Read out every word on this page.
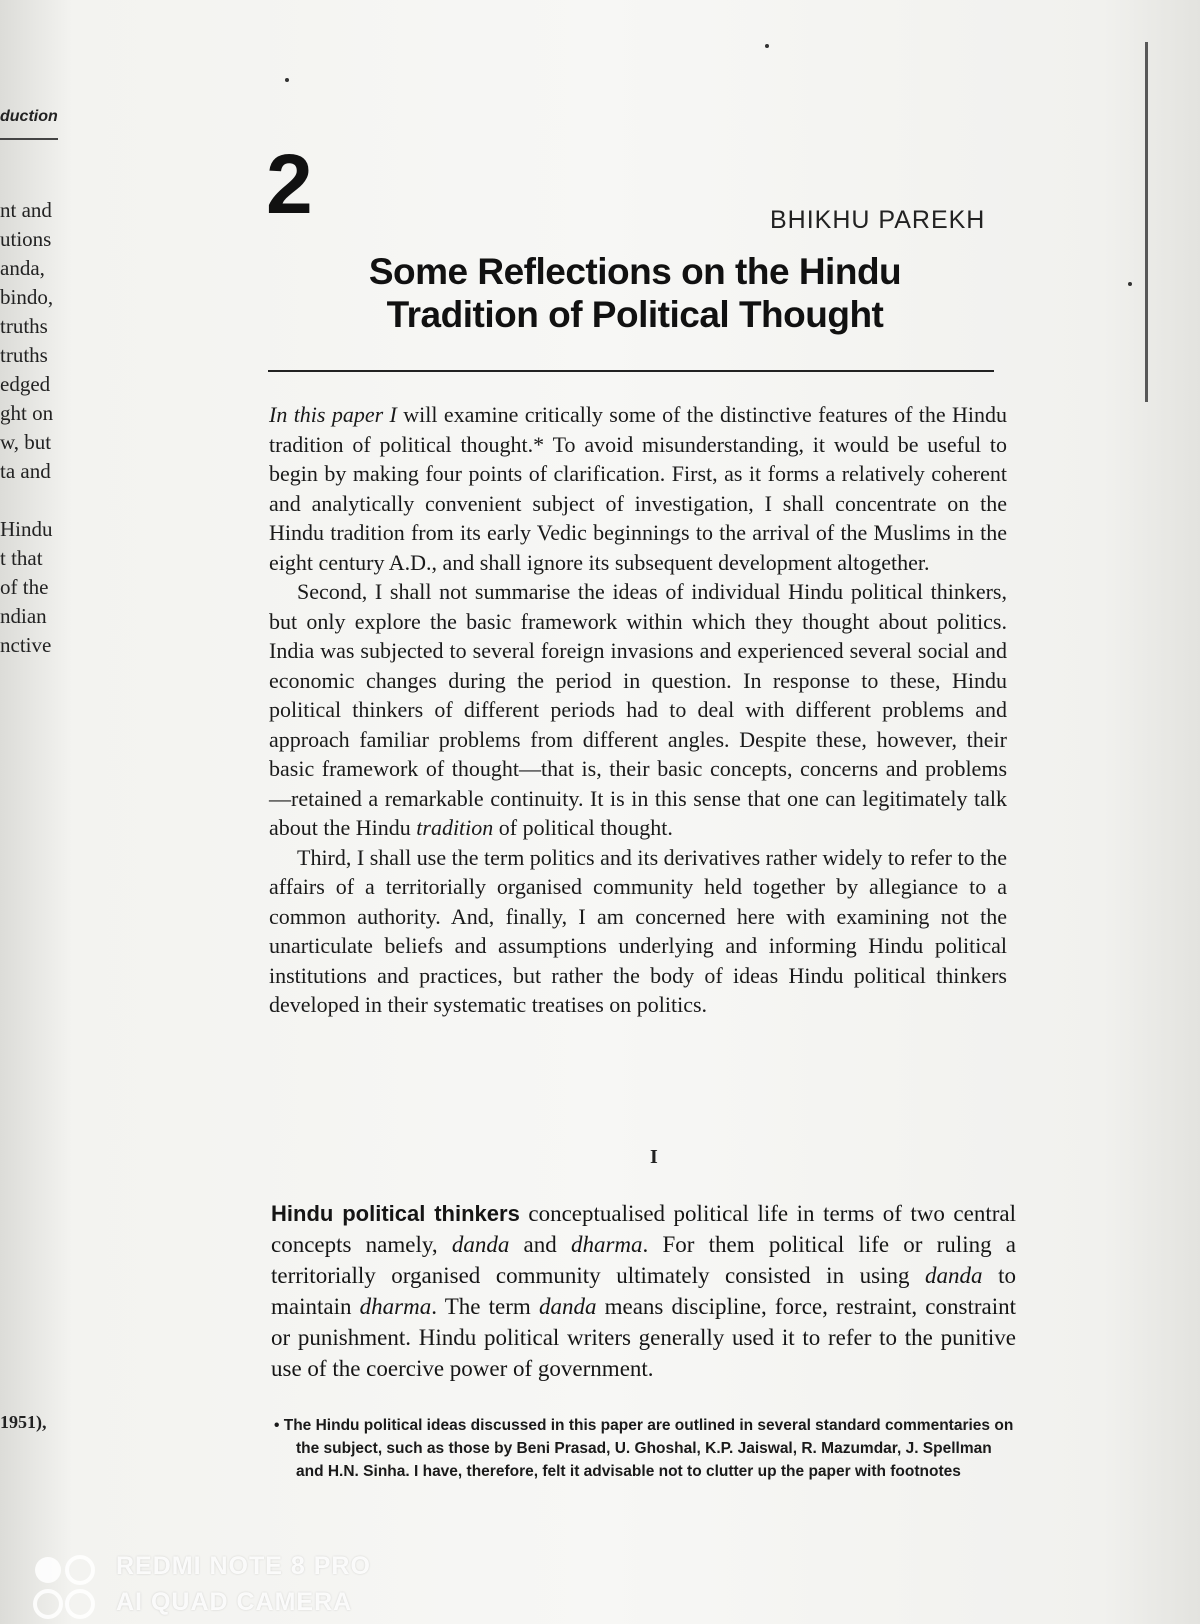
duction
nt and
utions
anda,
bindo,
truths
truths
edged
ght on
w, but
ta and
Hindu
t that
of the
ndian
nctive
1951),
2	BHIKHU PAREKH
Some Reflections on the Hindu
Tradition of Political Thought

In this paper I will examine critically some of the distinctive features of the Hindu tradition of political thought.* To avoid misunderstanding, it would be useful to begin by making four points of clarification. First, as it forms a relatively coherent and analytically convenient subject of investigation, I shall concentrate on the Hindu tradition from its early Vedic beginnings to the arrival of the Muslims in the eight century A.D., and shall ignore its subsequent development altogether.

Second, I shall not summarise the ideas of individual Hindu political thinkers, but only explore the basic framework within which they thought about politics. India was subjected to several foreign invasions and experienced several social and economic changes during the period in question. In response to these, Hindu political thinkers of different periods had to deal with different problems and approach familiar problems from different angles. Despite these, however, their basic framework of thought—that is, their basic concepts, concerns and problems—retained a remarkable continuity. It is in this sense that one can legitimately talk about the Hindu tradition of political thought.

Third, I shall use the term politics and its derivatives rather widely to refer to the affairs of a territorially organised community held together by allegiance to a common authority. And, finally, I am concerned here with examining not the unarticulate beliefs and assumptions underlying and informing Hindu political institutions and practices, but rather the body of ideas Hindu political thinkers developed in their systematic treatises on politics.

I
Hindu political thinkers conceptualised political life in terms of two central concepts namely, danda and dharma. For them political life or ruling a territorially organised community ultimately consisted in using danda to maintain dharma. The term danda means discipline, force, restraint, constraint or punishment. Hindu political writers generally used it to refer to the punitive use of the coercive power of government.
• The Hindu political ideas discussed in this paper are outlined in several standard commentaries on the subject, such as those by Beni Prasad, U. Ghoshal, K.P. Jaiswal, R. Mazumdar, J. Spellman and H.N. Sinha. I have, therefore, felt it advisable not to clutter up the paper with footnotes
REDMI NOTE 8 PRO
AI QUAD CAMERA
